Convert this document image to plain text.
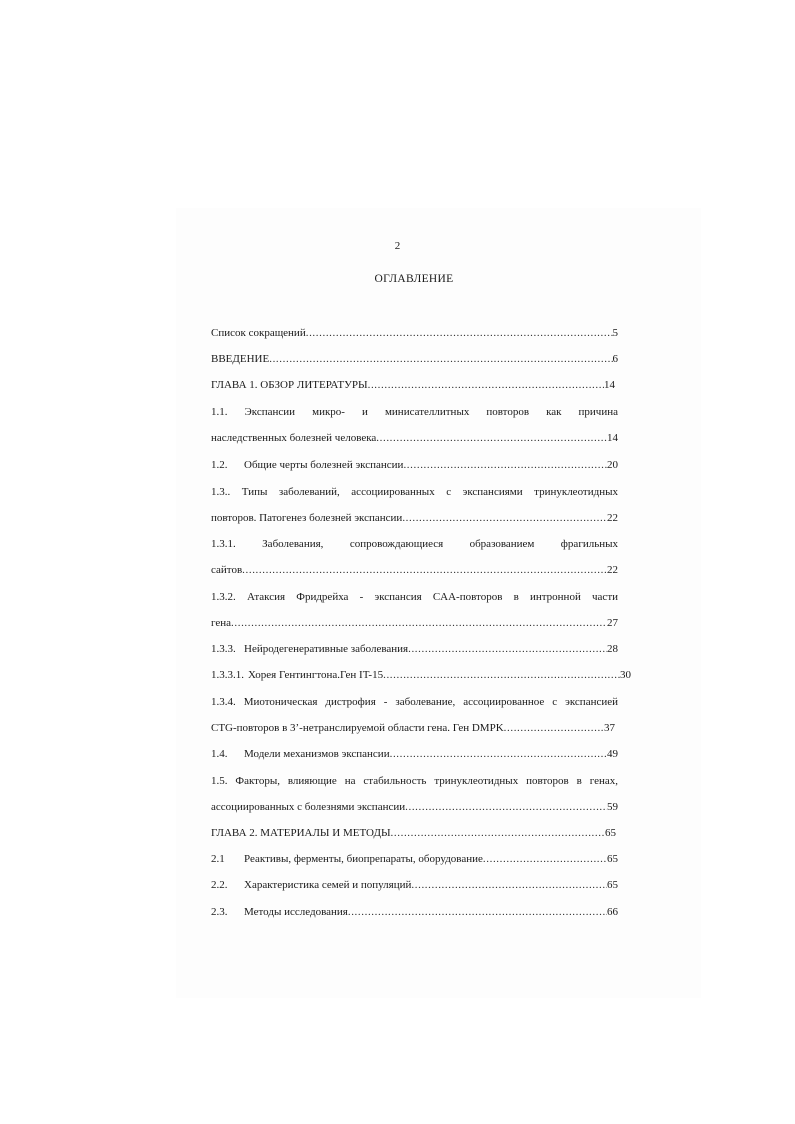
2
ОГЛАВЛЕНИЕ
Список сокращений .....	5
ВВЕДЕНИЕ .....	6
ГЛАВА 1. ОБЗОР ЛИТЕРАТУРЫ .....	14
1.1. Экспансии микро- и минисателлитных повторов как причина
наследственных болезней человека .....	14
1.2.	Общие черты болезней экспансии .....	20
1.3.. Типы заболеваний, ассоциированных с экспансиями тринуклеотидных
повторов. Патогенез болезней экспансии .....	22
1.3.1. Заболевания, сопровождающиеся образованием фрагильных
сайтов .....	22
1.3.2. Атаксия Фридрейха - экспансия CAA-повторов в интронной части
гена .....	27
1.3.3. Нейродегенеративные заболевания .....	28
1.3.3.1. Хорея Гентингтона.Ген IT-15 .....	30
1.3.4. Миотоническая дистрофия - заболевание, ассоциированное с экспансией
CTG-повторов в 3’-нетранслируемой области гена. Ген DMPK .....	37
1.4.	Модели механизмов экспансии .....	49
1.5. Факторы, влияющие на стабильность тринуклеотидных повторов в генах,
ассоциированных с болезнями экспансии .....	59
ГЛАВА 2. МАТЕРИАЛЫ И МЕТОДЫ .....	65
2.1	Реактивы, ферменты, биопрепараты, оборудование .....	65
2.2.	Характеристика семей и популяций .....	65
2.3.	Методы исследования .....	66
